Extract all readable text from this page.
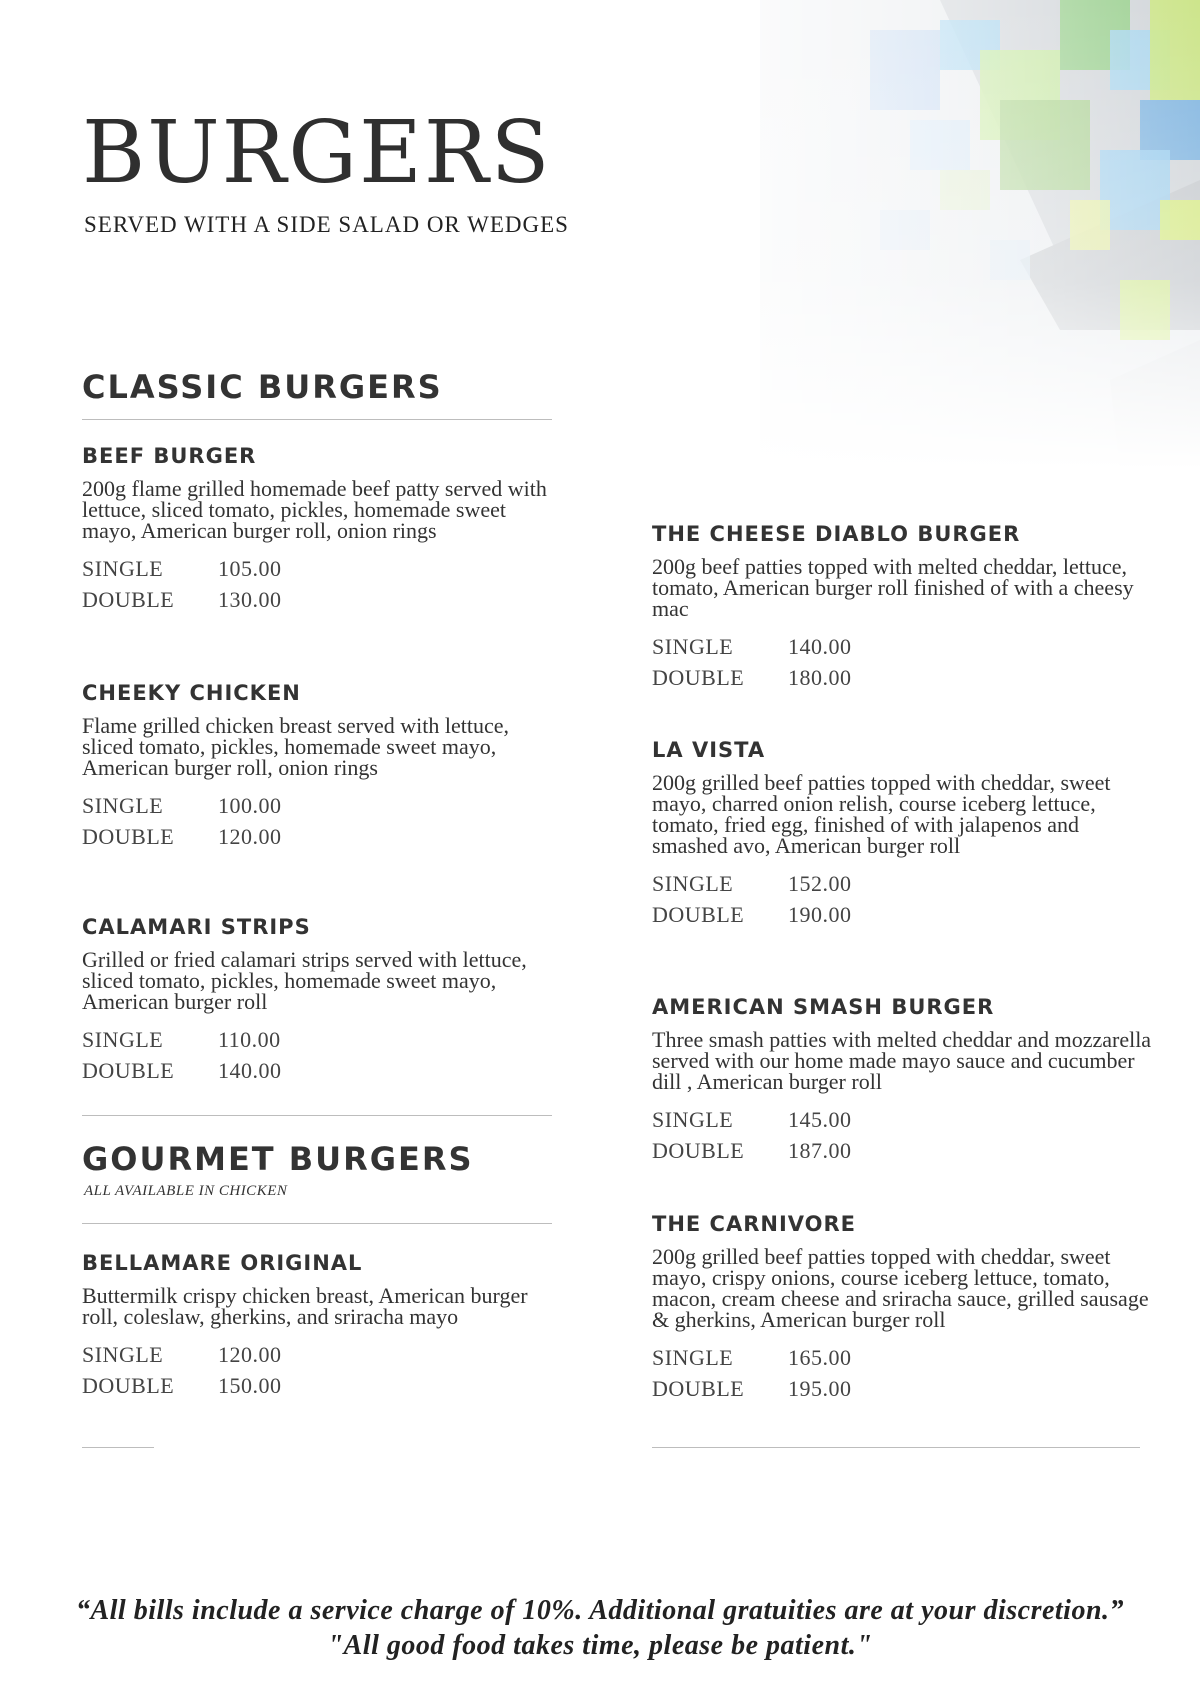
BURGERS
SERVED WITH A SIDE SALAD OR WEDGES
CLASSIC BURGERS
BEEF BURGER

200g flame grilled homemade beef patty served with lettuce, sliced tomato, pickles, homemade sweet mayo, American burger roll, onion rings

SINGLE	105.00
DOUBLE	130.00
CHEEKY CHICKEN

Flame grilled chicken breast served with lettuce, sliced tomato, pickles, homemade sweet mayo, American burger roll, onion rings

SINGLE	100.00
DOUBLE	120.00
CALAMARI STRIPS

Grilled or fried calamari strips served with lettuce, sliced tomato, pickles, homemade sweet mayo, American burger roll

SINGLE	110.00
DOUBLE	140.00
GOURMET BURGERS
ALL AVAILABLE IN CHICKEN
BELLAMARE ORIGINAL

Buttermilk crispy chicken breast, American burger roll, coleslaw, gherkins, and sriracha mayo

SINGLE	120.00
DOUBLE	150.00
THE CHEESE DIABLO BURGER

200g beef patties topped with melted cheddar, lettuce, tomato, American burger roll finished of with a cheesy mac

SINGLE	140.00
DOUBLE	180.00
LA VISTA

200g grilled beef patties topped with cheddar, sweet mayo, charred onion relish, course iceberg lettuce, tomato, fried egg, finished of with jalapenos and smashed avo, American burger roll

SINGLE	152.00
DOUBLE	190.00
AMERICAN SMASH BURGER

Three smash patties with melted cheddar and mozzarella served with our home made mayo sauce and cucumber dill , American burger roll

SINGLE	145.00
DOUBLE	187.00
THE CARNIVORE

200g grilled beef patties topped with cheddar, sweet mayo, crispy onions, course iceberg lettuce, tomato, macon, cream cheese and sriracha sauce, grilled sausage & gherkins, American burger roll

SINGLE	165.00
DOUBLE	195.00
“All bills include a service charge of 10%. Additional gratuities are at your discretion.”
"All good food takes time, please be patient."
